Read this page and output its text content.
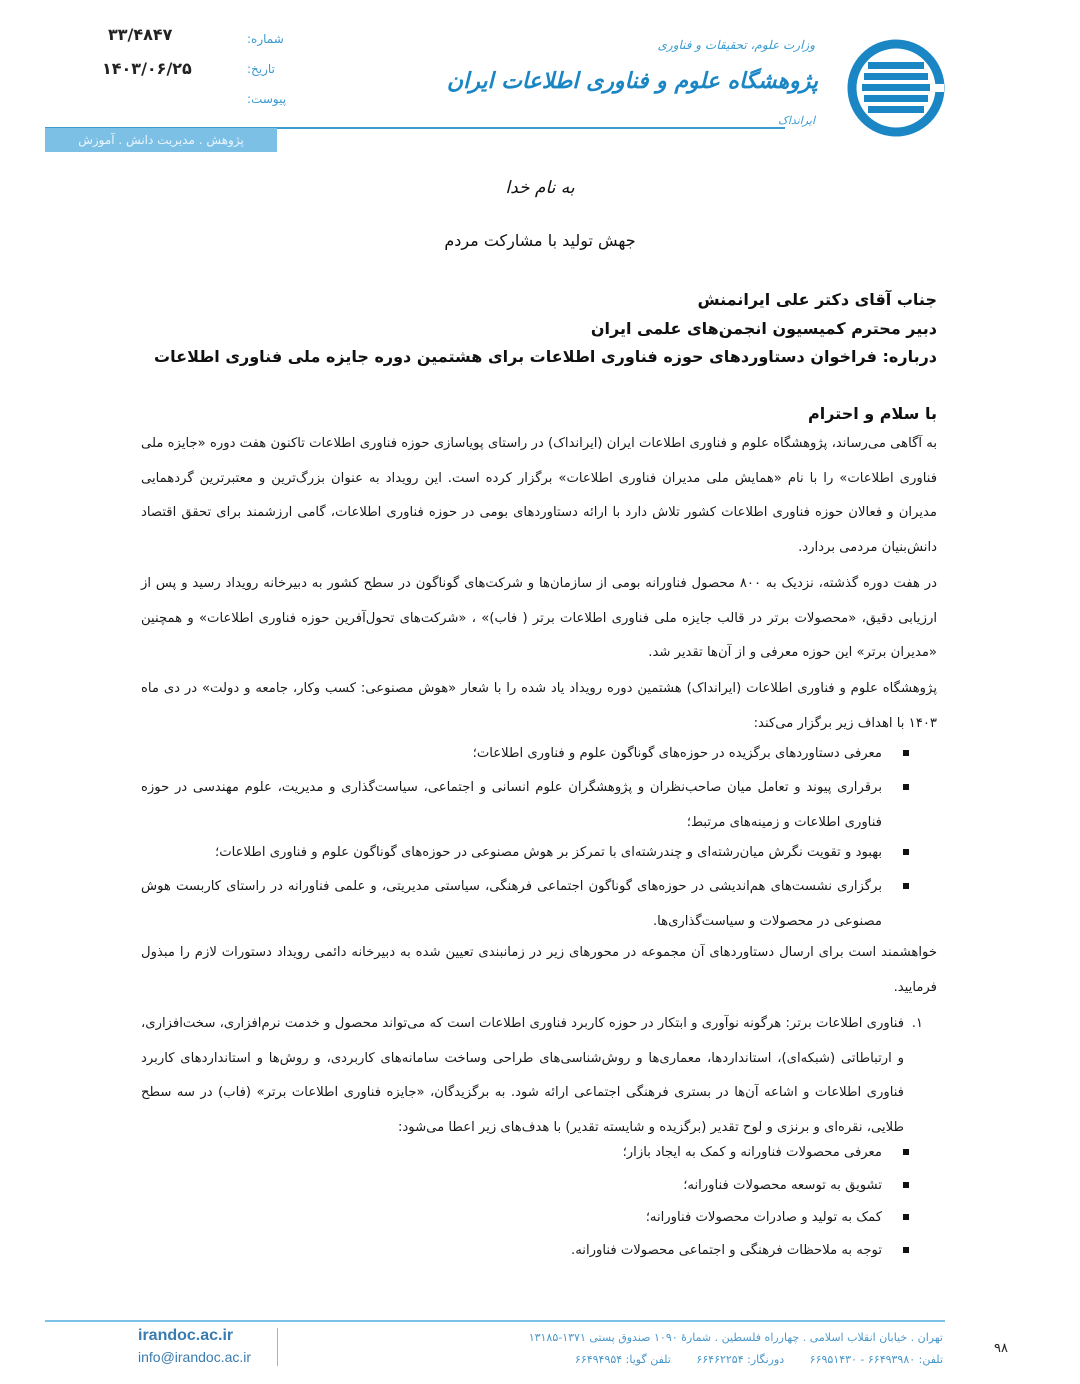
۳۳/۴۸۴۷
۱۴۰۳/۰۶/۲۵
شماره:
تاریخ:
پیوست:
وزارت علوم، تحقیقات و فناوری
پژوهشگاه علوم و فناوری اطلاعات ایران
ایرانداک
پژوهش . مدیریت دانش . آموزش
به نام خدا
جهش تولید با مشارکت مردم
جناب آقای دکتر علی ایرانمنش
دبیر محترم کمیسیون انجمن‌های علمی ایران
درباره: فراخوان دستاوردهای حوزه فناوری اطلاعات برای هشتمین دوره جایزه ملی فناوری اطلاعات
با سلام و احترام

به آگاهی می‌رساند، پژوهشگاه علوم و فناوری اطلاعات ایران (ایرانداک) در راستای پویاسازی حوزه فناوری اطلاعات تاکنون هفت دوره «جایزه ملی فناوری اطلاعات» را با نام «همایش ملی مدیران فناوری اطلاعات» برگزار کرده است. این رویداد به عنوان بزرگ‌ترین و معتبرترین گردهمایی مدیران و فعالان حوزه فناوری اطلاعات کشور تلاش دارد با ارائه دستاوردهای بومی در حوزه فناوری اطلاعات، گامی ارزشمند برای تحقق اقتصاد دانش‌بنیان مردمی بردارد.

در هفت دوره گذشته، نزدیک به ۸۰۰ محصول فناورانه بومی از سازمان‌ها و شرکت‌های گوناگون در سطح کشور به دبیرخانه رویداد رسید و پس از ارزیابی دقیق، «محصولات برتر در قالب جایزه ملی فناوری اطلاعات برتر ( فاب)» ، «شرکت‌های تحول‌آفرین حوزه فناوری اطلاعات» و همچنین «مدیران برتر» این حوزه معرفی و از آن‌ها تقدیر شد.

پژوهشگاه علوم و فناوری اطلاعات (ایرانداک) هشتمین دوره رویداد یاد شده را با شعار «هوش مصنوعی: کسب وکار، جامعه و دولت» در دی ماه ۱۴۰۳ با اهداف زیر برگزار می‌کند:

معرفی دستاوردهای برگزیده در حوزه‌های گوناگون علوم و فناوری اطلاعات؛
برقراری پیوند و تعامل میان صاحب‌نظران و پژوهشگران علوم انسانی و اجتماعی، سیاست‌گذاری و مدیریت، علوم مهندسی در حوزه فناوری اطلاعات و زمینه‌های مرتبط؛
بهبود و تقویت نگرش میان‌رشته‌ای و چندرشته‌ای با تمرکز بر هوش مصنوعی در حوزه‌های گوناگون علوم و فناوری اطلاعات؛
برگزاری نشست‌های هم‌اندیشی در حوزه‌های گوناگون اجتماعی فرهنگی، سیاستی مدیریتی، و علمی فناورانه در راستای کاربست هوش مصنوعی در محصولات و سیاست‌گذاری‌ها.

خواهشمند است برای ارسال دستاوردهای آن مجموعه در محورهای زیر در زمانبندی تعیین شده به دبیرخانه دائمی رویداد دستورات لازم را مبذول فرمایید.

۱.
فناوری اطلاعات برتر: هرگونه نوآوری و ابتکار در حوزه کاربرد فناوری اطلاعات است که می‌تواند محصول و خدمت نرم‌افزاری، سخت‌افزاری، و ارتباطاتی (شبکه‌ای)، استانداردها، معماری‌ها و روش‌شناسی‌های طراحی وساخت سامانه‌های کاربردی، و روش‌ها و استانداردهای کاربرد فناوری اطلاعات و اشاعه آن‌ها در بستری فرهنگی اجتماعی ارائه شود. به برگزیدگان، «جایزه فناوری اطلاعات برتر» (فاب) در سه سطح طلایی، نقره‌ای و برنزی و لوح تقدیر (برگزیده و شایسته تقدیر) با هدف‌های زیر اعطا می‌شود:
معرفی محصولات فناورانه و کمک به ایجاد بازار؛
تشویق به توسعه محصولات فناورانه؛
کمک به تولید و صادرات محصولات فناورانه؛
توجه به ملاحظات فرهنگی و اجتماعی محصولات فناورانه.
irandoc.ac.ir
info@irandoc.ac.ir
تهران . خیابان انقلاب اسلامی . چهارراه فلسطین . شمارهٔ ۱۰۹۰ صندوق پستی ۱۳۷۱-۱۳۱۸۵
تلفن: ۶۶۴۹۳۹۸۰ - ۶۶۹۵۱۴۳۰ دورنگار: ۶۶۴۶۲۲۵۴ تلفن گویا: ۶۶۴۹۴۹۵۴
۹۸
